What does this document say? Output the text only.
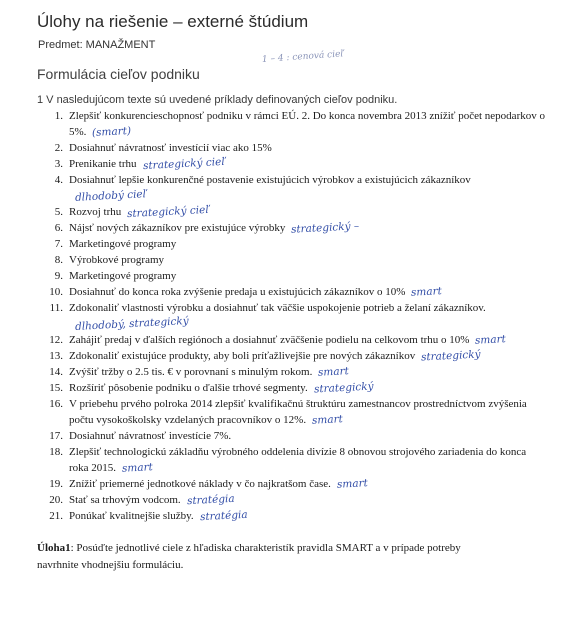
Úlohy na riešenie – externé štúdium
Predmet: MANAŽMENT
1 – 4 : cenová cieľ
Formulácia cieľov podniku
1 V nasledujúcom texte sú uvedené príklady definovaných cieľov podniku.
1. Zlepšiť konkurencieschopnosť podniku v rámci EÚ. 2. Do konca novembra 2013 znížiť počet nepodarkov o 5%. (smart)
2. Dosiahnuť návratnosť investícií viac ako 15%
3. Prenikanie trhu strategický cieľ
4. Dosiahnuť lepšie konkurenčné postavenie existujúcich výrobkov a existujúcich zákazníkovdlhodobý cieľ
5. Rozvoj trhu strategický cieľ
6. Nájsť nových zákazníkov pre existujúce výrobky strategický –
7. Marketingové programy
8. Výrobkové programy
9. Marketingové programy
10. Dosiahnuť do konca roka zvýšenie predaja u existujúcich zákazníkov o 10% smart
11. Zdokonaliť vlastnosti výrobku a dosiahnuť tak väčšie uspokojenie potrieb a želaní zákazníkov.dlhodobý, strategický
12. Zahájiť predaj v ďalších regiónoch a dosiahnuť zväčšenie podielu na celkovom trhu o 10% smart
13. Zdokonaliť existujúce produkty, aby boli príťažlivejšie pre nových zákazníkov strategický
14. Zvýšiť tržby o 2.5 tis. € v porovnaní s minulým rokom. smart
15. Rozšíriť pôsobenie podniku o ďalšie trhové segmenty. strategický
16. V priebehu prvého polroka 2014 zlepšiť kvalifikačnú štruktúru zamestnancov prostredníctvom zvýšenia počtu vysokoškolsky vzdelaných pracovníkov o 12%. smart
17. Dosiahnuť návratnosť investície 7%.
18. Zlepšiť technologickú základňu výrobného oddelenia divízie 8 obnovou strojového zariadenia do konca roka 2015. smart
19. Znížiť priemerné jednotkové náklady v čo najkratšom čase. smart
20. Stať sa trhovým vodcom. stratégia
21. Ponúkať kvalitnejšie služby. stratégia
Úloha1: Posúďte jednotlivé ciele z hľadiska charakteristík pravidla SMART a v prípade potreby navrhnite vhodnejšiu formuláciu.
